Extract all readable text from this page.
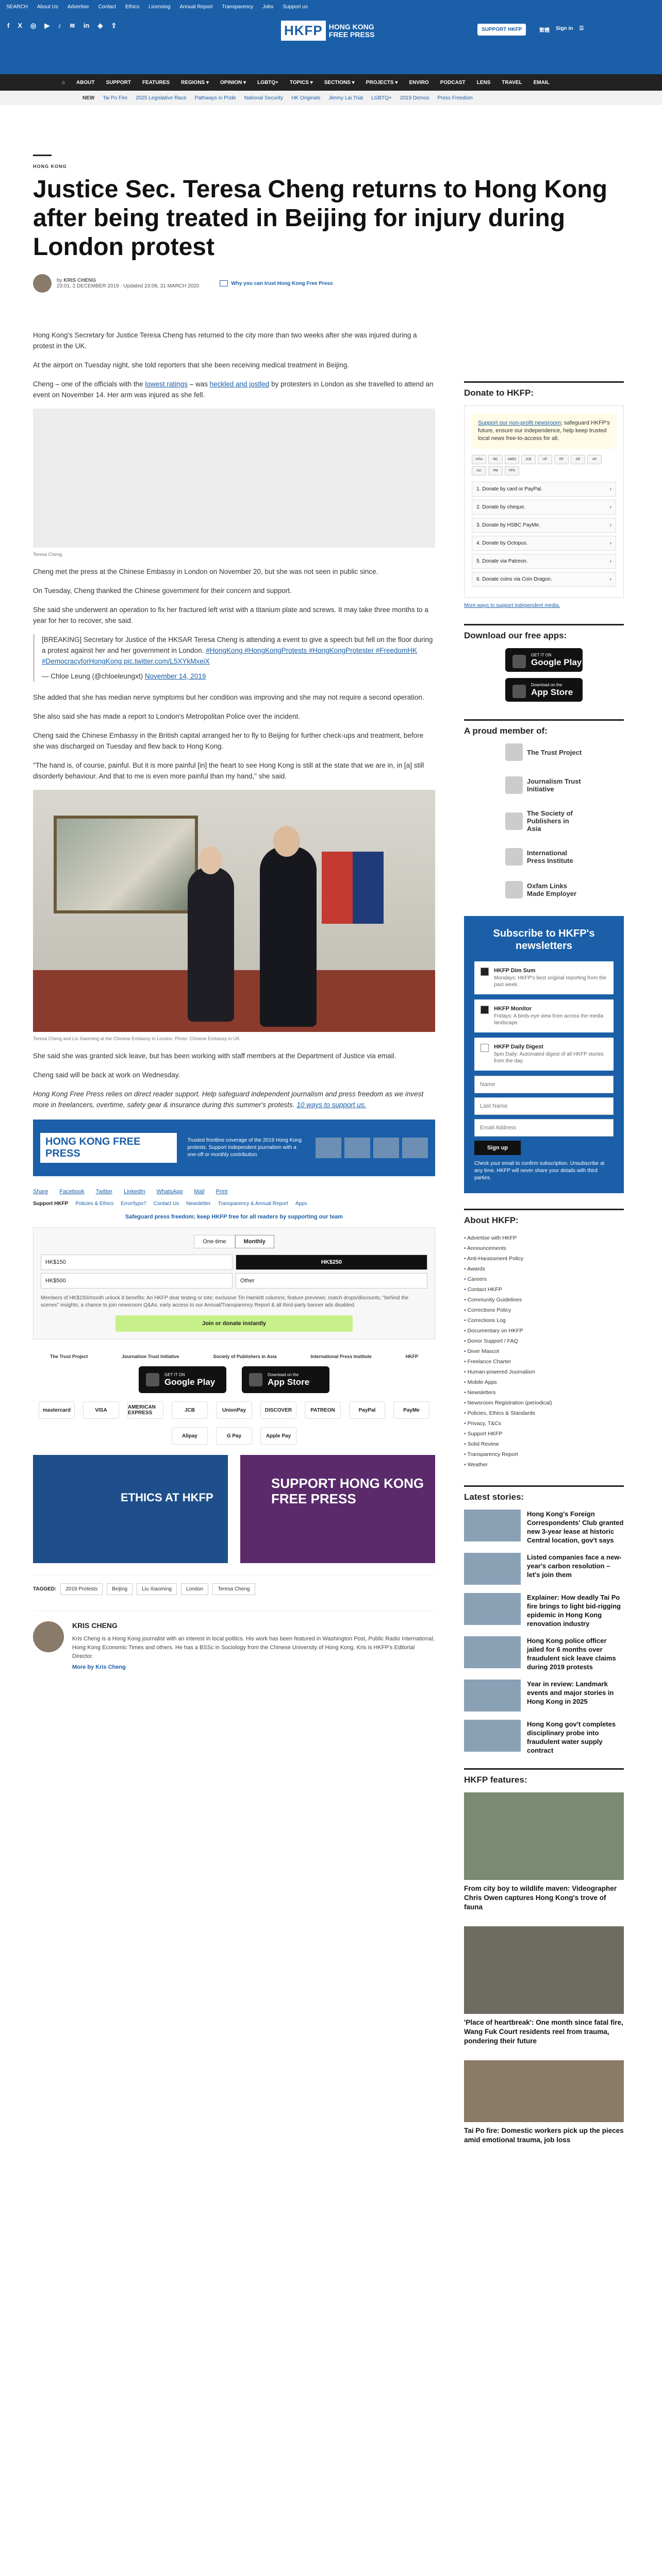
SEARCH About Us Advertise Contact Ethics Licensing Annual Report Transparency Jobs Support us
f X ◎ ▶ ♪ ≋ in ◈ ⇪	HKFP HONG KONG
FREE PRESS
SUPPORT HKFP	繁體 Sign in ☰
⌂ ABOUT SUPPORT FEATURES REGIONS ▾ OPINION ▾ LGBTQ+ TOPICS ▾ SECTIONS ▾ PROJECTS ▾ ENVIRO PODCAST LENS TRAVEL EMAIL
NEW Tai Po Fire 2025 Legislative Race Pathways in Pride National Security HK Originals Jimmy Lai Trial LGBTQ+ 2019 Demos Press Freedom
HONG KONG
Justice Sec. Teresa Cheng returns to Hong Kong after being treated in Beijing for injury during London protest
by KRIS CHENG
23:01, 2 DECEMBER 2019 · Updated 23:08, 31 MARCH 2020	Why you can trust Hong Kong Free Press

Hong Kong's Secretary for Justice Teresa Cheng has returned to the city more than two weeks after she was injured during a protest in the UK.

At the airport on Tuesday night, she told reporters that she been receiving medical treatment in Beijing.

Cheng – one of the officials with the lowest ratings – was heckled and jostled by protesters in London as she travelled to attend an event on November 14. Her arm was injured as she fell.

Teresa Cheng.

Cheng met the press at the Chinese Embassy in London on November 20, but she was not seen in public since.

On Tuesday, Cheng thanked the Chinese government for their concern and support.

She said she underwent an operation to fix her fractured left wrist with a titanium plate and screws. It may take three months to a year for her to recover, she said.

[BREAKING] Secretary for Justice of the HKSAR Teresa Cheng is attending a event to give a speech but fell on the floor during a protest against her and her government in London. #HongKong #HongKongProtests #HongKongProtester #FreedomHK #DemocracyforHongKong pic.twitter.com/L5XYkMxeiX

— Chloe Leung (@chloeleungxt) November 14, 2019

She added that she has median nerve symptoms but her condition was improving and she may not require a second operation.

She also said she has made a report to London's Metropolitan Police over the incident.

Cheng said the Chinese Embassy in the British capital arranged her to fly to Beijing for further check-ups and treatment, before she was discharged on Tuesday and flew back to Hong Kong.

"The hand is, of course, painful. But it is more painful [in] the heart to see Hong Kong is still at the state that we are in, in [a] still disorderly behaviour. And that to me is even more painful than my hand," she said.

Teresa Cheng and Liu Xiaoming at the Chinese Embassy in London. Photo: Chinese Embassy in UK.

She said she was granted sick leave, but has been working with staff members at the Department of Justice via email.

Cheng said will be back at work on Wednesday.

Hong Kong Free Press relies on direct reader support. Help safeguard independent journalism and press freedom as we invest more in freelancers, overtime, safety gear & insurance during this summer's protests. 10 ways to support us.

HONG KONG FREE PRESS
Trusted frontline coverage of the 2019 Hong Kong protests. Support independent journalism with a one-off or monthly contribution
Share Facebook Twitter LinkedIn WhatsApp Mail Print
Support HKFP Policies & Ethics Error/typo? Contact Us Newsletter Transparency & Annual Report Apps
Safeguard press freedom; keep HKFP free for all readers by supporting our team
One-time	Monthly
HK$150	HK$250
HK$500	Other
Members of HK$150/month unlock 8 benefits: An HKFP dear testing or tote; exclusive Tin Hamlett columns; feature previews; match drops/discounts; "behind the scenes" insights; a chance to join newsroom Q&As; early access to our Annual/Transparency Report & all third-party banner ads disabled.
Join or donate instantly
The Trust Project	Journalism Trust Initiative	Society of Publishers in Asia	International Press Institute	HKFP
GET IT ON
Google Play
Download on the
App Store
mastercard	VISA	AMERICAN EXPRESS	JCB	UnionPay	DISCOVER	PATREON	PayPal	PayMe
Alipay	G Pay	Apple Pay
ETHICS AT HKFP
SUPPORT HONG KONG FREE PRESS
TAGGED:	2019 Protests	Beijing	Liu Xiaoming	London	Teresa Cheng
KRIS CHENG
Kris Cheng is a Hong Kong journalist with an interest in local politics. His work has been featured in Washington Post, Public Radio International, Hong Kong Economic Times and others. He has a BSSc in Sociology from the Chinese University of Hong Kong. Kris is HKFP's Editorial Director.
More by Kris Cheng
Donate to HKFP:
Support our non-profit newsroom; safeguard HKFP's future, ensure our independence, help keep trusted local news free-to-access for all.
VISA	MC	AMEX	JCB	UP	PP	GP	AP
ALI	PM	FPS
1. Donate by card or PayPal.	›
2. Donate by cheque.	›
3. Donate by HSBC PayMe.	›
4. Donate by Octopus.	›
5. Donate via Patreon.	›
6. Donate coins via Coin Dragon.	›
More ways to support independent media.
Download our free apps:
GET IT ON
Google Play
Download on the
App Store
A proud member of:
The Trust Project
Journalism Trust Initiative
The Society of Publishers in Asia
International Press Institute
Oxfam Links Made Employer
Subscribe to HKFP's newsletters
HKFP Dim Sum
Mondays: HKFP's best original reporting from the past week.
HKFP Monitor
Fridays: A birds-eye view from across the media landscape.
HKFP Daily Digest
5pm Daily: Automated digest of all HKFP stories from the day.
Name
Last Name
Email Address
Sign up
Check your email to confirm subscription. Unsubscribe at any time. HKFP will never share your details with third parties.
About HKFP:
• Advertise with HKFP
• Announcements
• Anti-Harassment Policy
• Awards
• Careers
• Contact HKFP
• Community Guidelines
• Corrections Policy
• Corrections Log
• Documentary on HKFP
• Donor Support / FAQ
• Diver Mascot
• Freelance Charter
• Human-powered Journalism
• Mobile Apps
• Newsletters
• Newsroom Registration (periodical)
• Policies, Ethics & Standards
• Privacy, T&Cs
• Support HKFP
• Solid Review
• Transparency Report
• Weather
Latest stories:
Hong Kong's Foreign Correspondents' Club granted new 3-year lease at historic Central location, gov't says
Listed companies face a new-year's carbon resolution – let's join them
Explainer: How deadly Tai Po fire brings to light bid-rigging epidemic in Hong Kong renovation industry
Hong Kong police officer jailed for 6 months over fraudulent sick leave claims during 2019 protests
Year in review: Landmark events and major stories in Hong Kong in 2025
Hong Kong gov't completes disciplinary probe into fraudulent water supply contract
HKFP features:
From city boy to wildlife maven: Videographer Chris Owen captures Hong Kong's trove of fauna
'Place of heartbreak': One month since fatal fire, Wang Fuk Court residents reel from trauma, pondering their future
Tai Po fire: Domestic workers pick up the pieces amid emotional trauma, job loss
